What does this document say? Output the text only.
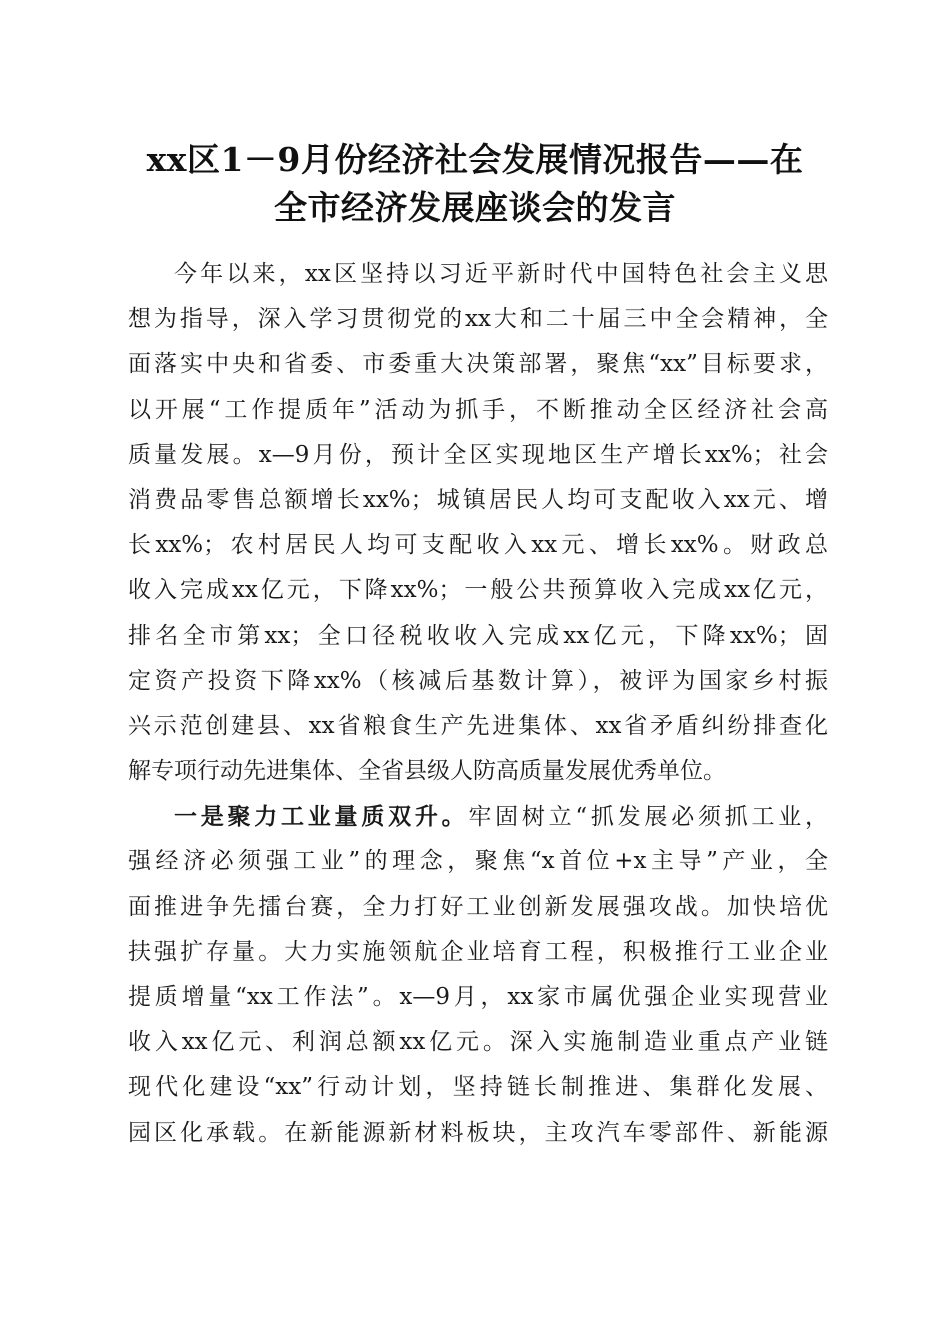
xx区1－9月份经济社会发展情况报告——在
全市经济发展座谈会的发言
今年以来，xx区坚持以习近平新时代中国特色社会主义思
想为指导，深入学习贯彻党的xx大和二十届三中全会精神，全
面落实中央和省委、市委重大决策部署，聚焦“xx”目标要求，
以开展“工作提质年”活动为抓手，不断推动全区经济社会高
质量发展。x—9月份，预计全区实现地区生产增长xx%；社会
消费品零售总额增长xx%；城镇居民人均可支配收入xx元、增
长xx%；农村居民人均可支配收入xx元、增长xx%。财政总
收入完成xx亿元，下降xx%；一般公共预算收入完成xx亿元，
排名全市第xx；全口径税收收入完成xx亿元，下降xx%；固
定资产投资下降xx%（核减后基数计算），被评为国家乡村振
兴示范创建县、xx省粮食生产先进集体、xx省矛盾纠纷排查化
解专项行动先进集体、全省县级人防高质量发展优秀单位。
一是聚力工业量质双升。牢固树立“抓发展必须抓工业，
强经济必须强工业”的理念，聚焦“x首位+x主导”产业，全
面推进争先擂台赛，全力打好工业创新发展强攻战。加快培优
扶强扩存量。大力实施领航企业培育工程，积极推行工业企业
提质增量“xx工作法”。x—9月，xx家市属优强企业实现营业
收入xx亿元、利润总额xx亿元。深入实施制造业重点产业链
现代化建设“xx”行动计划，坚持链长制推进、集群化发展、
园区化承载。在新能源新材料板块，主攻汽车零部件、新能源
